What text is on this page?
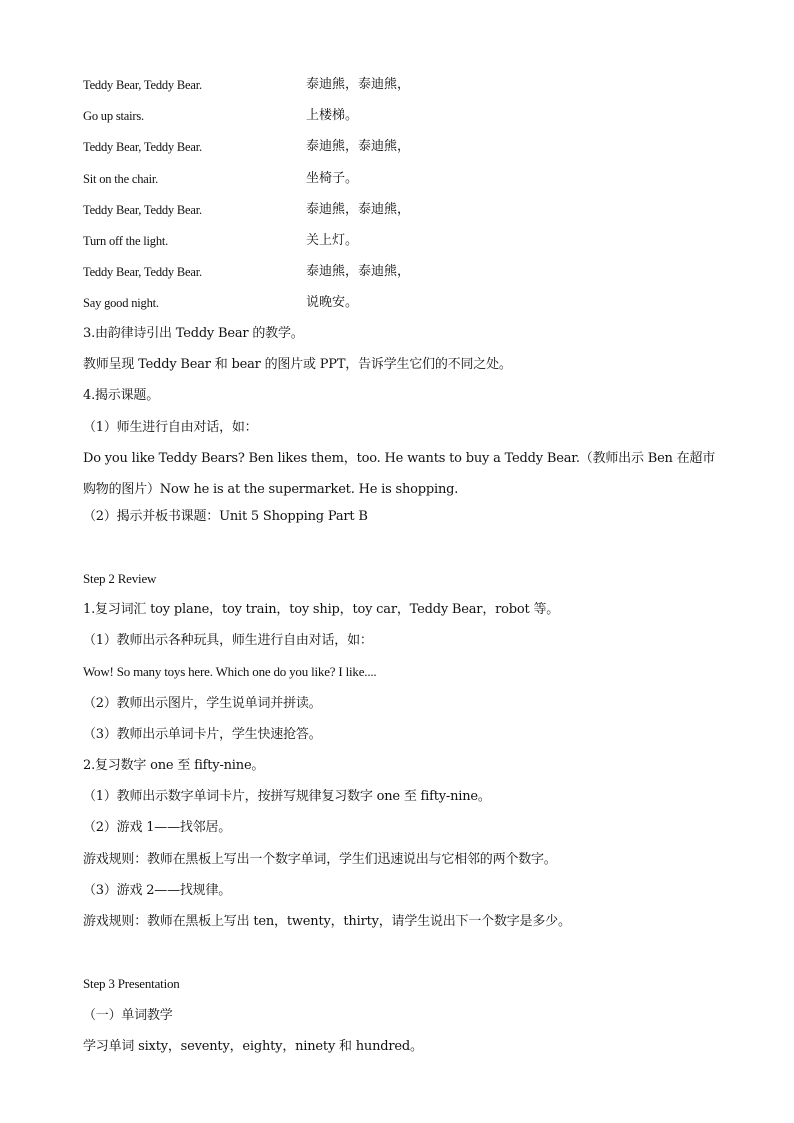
Teddy Bear, Teddy Bear.	泰迪熊，泰迪熊，
Go up stairs.	上楼梯。
Teddy Bear, Teddy Bear.	泰迪熊，泰迪熊，
Sit on the chair.	坐椅子。
Teddy Bear, Teddy Bear.	泰迪熊，泰迪熊，
Turn off the light.	关上灯。
Teddy Bear, Teddy Bear.	泰迪熊，泰迪熊，
Say good night.	说晚安。
3.由韵律诗引出 Teddy Bear 的教学。
教师呈现 Teddy Bear 和 bear 的图片或 PPT，告诉学生它们的不同之处。
4.揭示课题。
（1）师生进行自由对话，如：
Do you like Teddy Bears? Ben likes them，too. He wants to buy a Teddy Bear.（教师出示 Ben 在超市购物的图片）Now he is at the supermarket. He is shopping.
（2）揭示并板书课题：Unit 5 Shopping Part B
Step 2 Review
1.复习词汇 toy plane，toy train，toy ship，toy car，Teddy Bear，robot 等。
（1）教师出示各种玩具，师生进行自由对话，如：
Wow! So many toys here. Which one do you like? I like....
（2）教师出示图片，学生说单词并拼读。
（3）教师出示单词卡片，学生快速抢答。
2.复习数字 one 至 fifty-nine。
（1）教师出示数字单词卡片，按拼写规律复习数字 one 至 fifty-nine。
（2）游戏 1——找邻居。
游戏规则：教师在黑板上写出一个数字单词，学生们迅速说出与它相邻的两个数字。
（3）游戏 2——找规律。
游戏规则：教师在黑板上写出 ten，twenty，thirty，请学生说出下一个数字是多少。
Step 3 Presentation
（一）单词教学
学习单词 sixty，seventy，eighty，ninety 和 hundred。
